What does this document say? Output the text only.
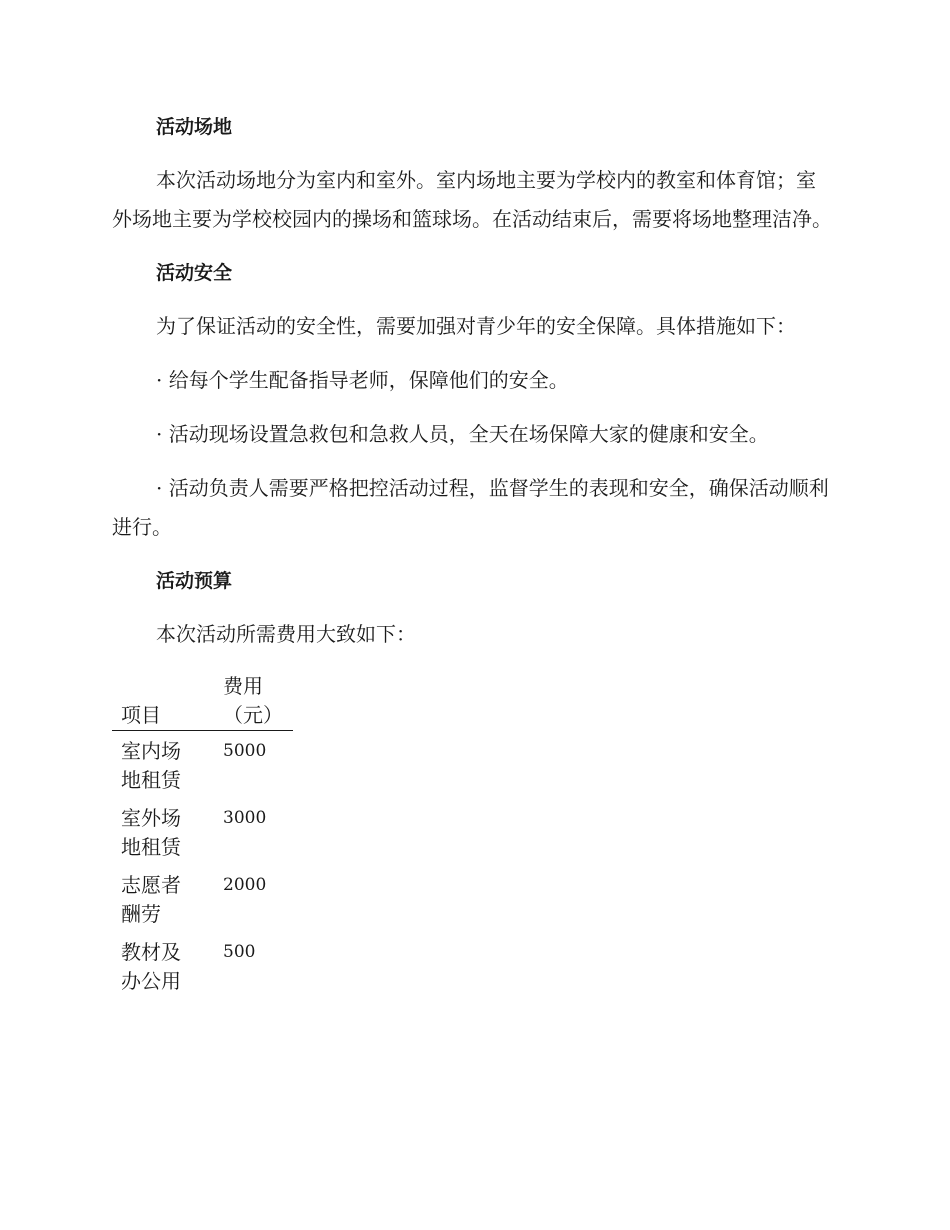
活动场地

本次活动场地分为室内和室外。室内场地主要为学校内的教室和体育馆；室外场地主要为学校校园内的操场和篮球场。在活动结束后，需要将场地整理洁净。

活动安全

为了保证活动的安全性，需要加强对青少年的安全保障。具体措施如下：

· 给每个学生配备指导老师，保障他们的安全。

· 活动现场设置急救包和急救人员，全天在场保障大家的健康和安全。

· 活动负责人需要严格把控活动过程，监督学生的表现和安全，确保活动顺利进行。

活动预算

本次活动所需费用大致如下：

项目	费用（元）

室内场地租赁	5000

室外场地租赁	3000

志愿者酬劳	2000

教材及办公用	500
